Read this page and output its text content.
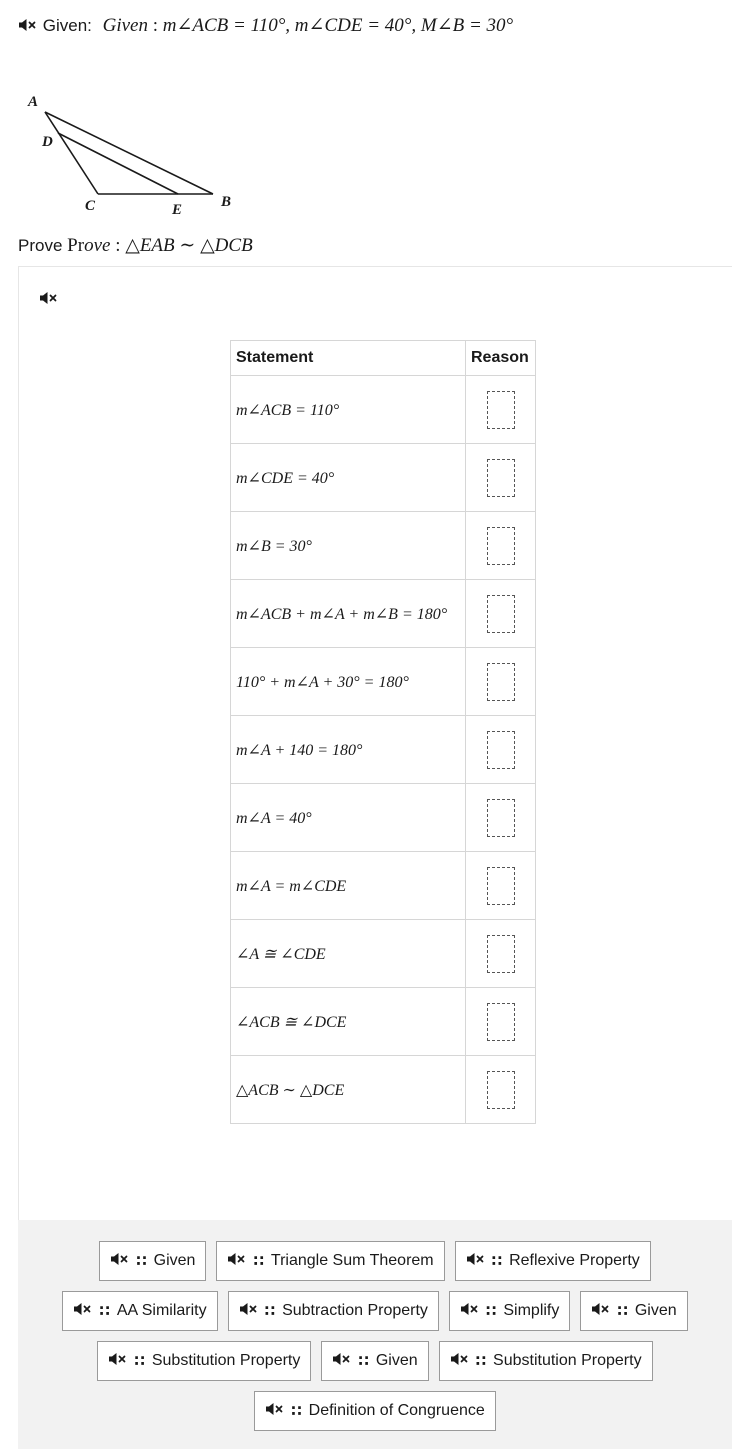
Given: Given : m∠ACB = 110°, m∠CDE = 40°, M∠B = 30°
A
D
C	E	B
Prove Prove : △EAB ∼ △DCB
Statement	Reason
m∠ACB = 110°	

m∠CDE = 40°	

m∠B = 30°	

m∠ACB + m∠A + m∠B = 180°	

110° + m∠A + 30° = 180°	

m∠A + 140 = 180°	

m∠A = 40°	

m∠A = m∠CDE	

∠A ≅ ∠CDE	

∠ACB ≅ ∠DCE	

△ACB ∼ △DCE	
∷ Given	∷ Triangle Sum Theorem	∷ Reflexive Property
∷ AA Similarity	∷ Subtraction Property	∷ Simplify	∷ Given
∷ Substitution Property	∷ Given	∷ Substitution Property
∷ Definition of Congruence
